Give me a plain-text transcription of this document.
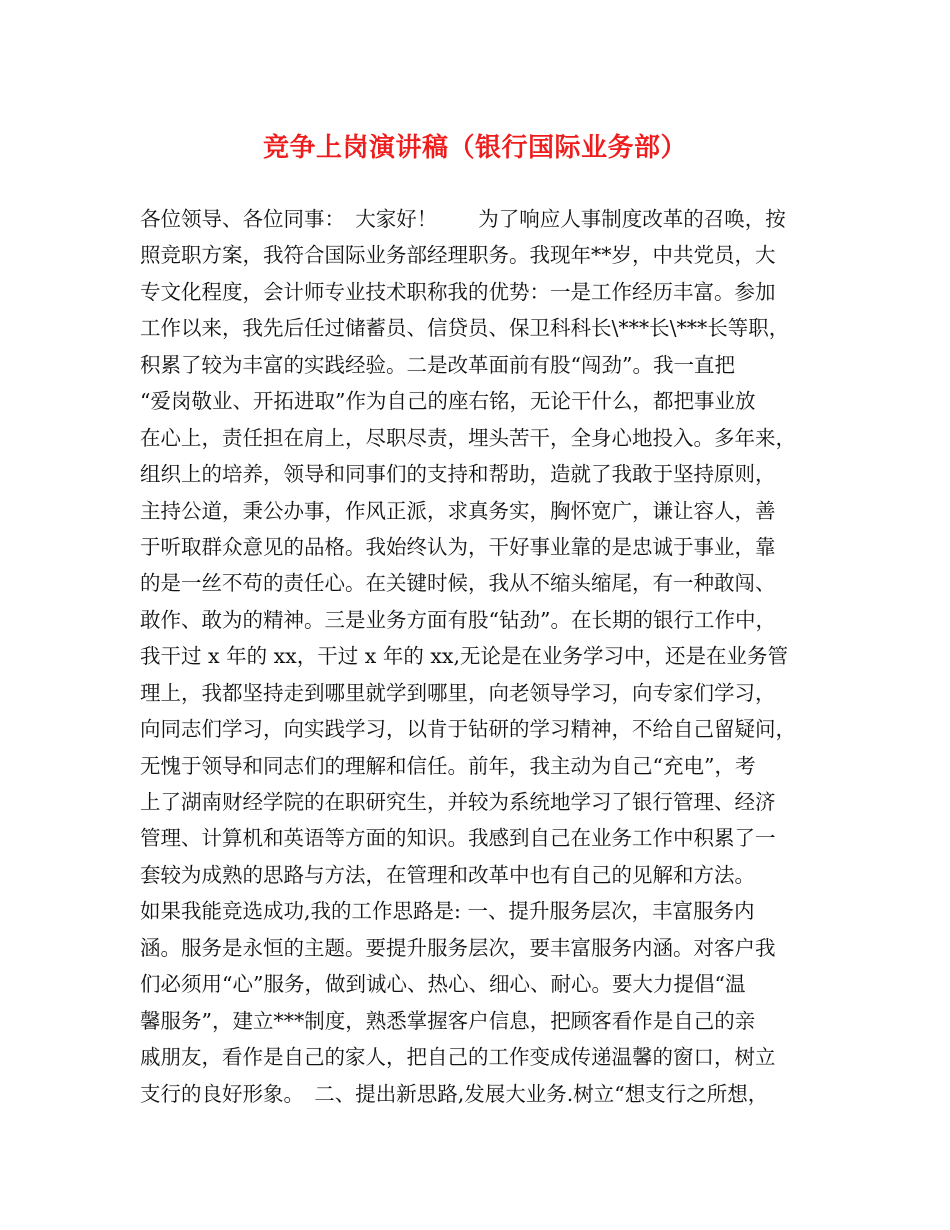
竞争上岗演讲稿（银行国际业务部）
各位领导、各位同事：　大家好！　　为了响应人事制度改革的召唤，按
照竞职方案，我符合国际业务部经理职务。我现年**岁，中共党员，大
专文化程度，会计师专业技术职称我的优势：一是工作经历丰富。参加
工作以来，我先后任过储蓄员、信贷员、保卫科科长\***长\***长等职，
积累了较为丰富的实践经验。二是改革面前有股“闯劲”。我一直把
“爱岗敬业、开拓进取”作为自己的座右铭，无论干什么，都把事业放
在心上，责任担在肩上，尽职尽责，埋头苦干，全身心地投入。多年来，
组织上的培养，领导和同事们的支持和帮助，造就了我敢于坚持原则，
主持公道，秉公办事，作风正派，求真务实，胸怀宽广，谦让容人，善
于听取群众意见的品格。我始终认为，干好事业靠的是忠诚于事业，靠
的是一丝不苟的责任心。在关键时候，我从不缩头缩尾，有一种敢闯、
敢作、敢为的精神。三是业务方面有股“钻劲”。在长期的银行工作中，
我干过 x 年的 xx，干过 x 年的 xx,无论是在业务学习中，还是在业务管
理上，我都坚持走到哪里就学到哪里，向老领导学习，向专家们学习，
向同志们学习，向实践学习，以肯于钻研的学习精神，不给自己留疑问，
无愧于领导和同志们的理解和信任。前年，我主动为自己“充电”，考
上了湖南财经学院的在职研究生，并较为系统地学习了银行管理、经济
管理、计算机和英语等方面的知识。我感到自己在业务工作中积累了一
套较为成熟的思路与方法，在管理和改革中也有自己的见解和方法。
如果我能竞选成功,我的工作思路是: 一、提升服务层次，丰富服务内
涵。服务是永恒的主题。要提升服务层次，要丰富服务内涵。对客户我
们必须用“心”服务，做到诚心、热心、细心、耐心。要大力提倡“温
馨服务”，建立***制度，熟悉掌握客户信息，把顾客看作是自己的亲
戚朋友，看作是自己的家人，把自己的工作变成传递温馨的窗口，树立
支行的良好形象。　二、提出新思路,发展大业务.树立“想支行之所想，
